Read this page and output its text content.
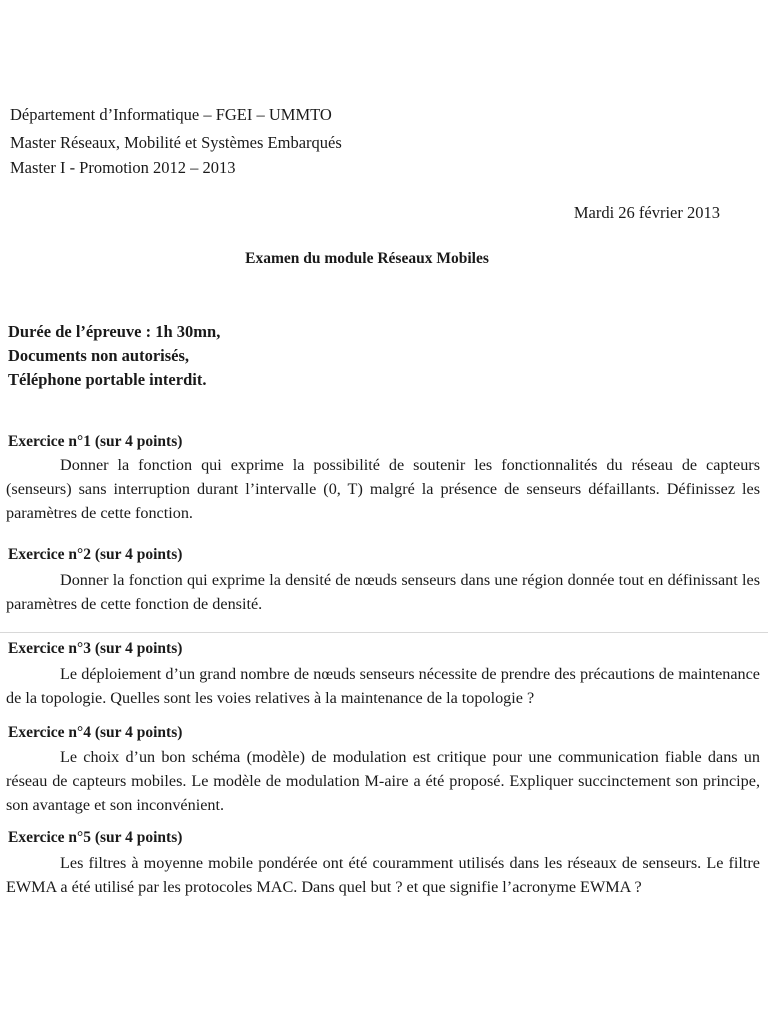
Département d’Informatique – FGEI – UMMTO
Master Réseaux, Mobilité et Systèmes Embarqués
Master I - Promotion 2012 – 2013
Mardi 26 février 2013
Examen du module Réseaux Mobiles
Durée de l’épreuve : 1h 30mn,
Documents non autorisés,
Téléphone portable interdit.
Exercice n°1 (sur 4 points)
Donner la fonction qui exprime la possibilité de soutenir les fonctionnalités du réseau de capteurs (senseurs) sans interruption durant l’intervalle (0, T) malgré la présence de senseurs défaillants. Définissez les paramètres de cette fonction.
Exercice n°2 (sur 4 points)
Donner la fonction qui exprime la densité de nœuds senseurs dans une région donnée tout en définissant les paramètres de cette fonction de densité.
Exercice n°3 (sur 4 points)
Le déploiement d’un grand nombre de nœuds senseurs nécessite de prendre des précautions de maintenance de la topologie. Quelles sont les voies relatives à la maintenance de la topologie ?
Exercice n°4 (sur 4 points)
Le choix d’un bon schéma (modèle) de modulation est critique pour une communication fiable dans un réseau de capteurs mobiles. Le modèle de modulation M-aire a été proposé. Expliquer succinctement son principe, son avantage et son inconvénient.
Exercice n°5 (sur 4 points)
Les filtres à moyenne mobile pondérée ont été couramment utilisés dans les réseaux de senseurs. Le filtre EWMA a été utilisé par les protocoles MAC. Dans quel but ? et que signifie l’acronyme EWMA ?
